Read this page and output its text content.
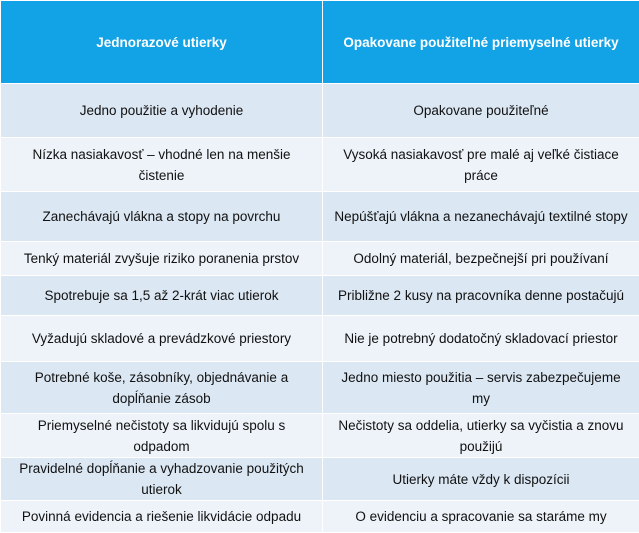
Jednorazové utierky	Opakovane použiteľné priemyselné utierky
Jedno použitie a vyhodenie	Opakovane použiteľné
Nízka nasiakavosť – vhodné len na menšie čistenie	Vysoká nasiakavosť pre malé aj veľké čistiace práce
Zanechávajú vlákna a stopy na povrchu	Nepúšťajú vlákna a nezanechávajú textilné stopy
Tenký materiál zvyšuje riziko poranenia prstov	Odolný materiál, bezpečnejší pri používaní
Spotrebuje sa 1,5 až 2-krát viac utierok	Približne 2 kusy na pracovníka denne postačujú
Vyžadujú skladové a prevádzkové priestory	Nie je potrebný dodatočný skladovací priestor
Potrebné koše, zásobníky, objednávanie a dopĺňanie zásob	Jedno miesto použitia – servis zabezpečujeme my
Priemyselné nečistoty sa likvidujú spolu s odpadom	Nečistoty sa oddelia, utierky sa vyčistia a znovu použijú
Pravidelné dopĺňanie a vyhadzovanie použitých utierok	Utierky máte vždy k dispozícii
Povinná evidencia a riešenie likvidácie odpadu	O evidenciu a spracovanie sa staráme my
